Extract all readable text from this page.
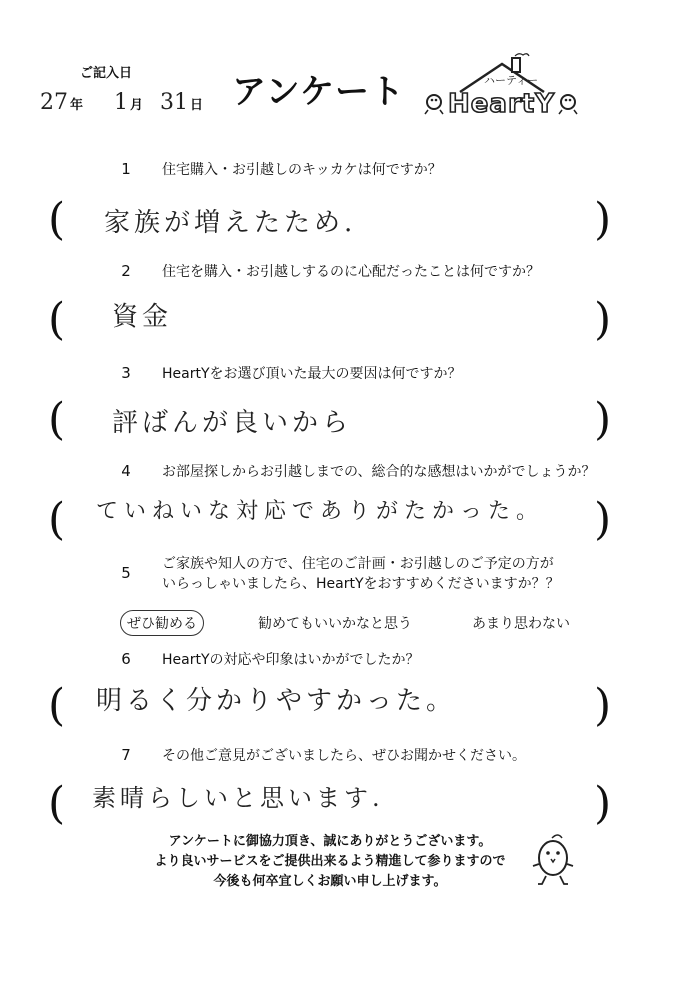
ご記入日
27 年 1 月 31 日 アンケート	ハーティー
HeartY
1	住宅購入・お引越しのキッカケは何ですか？
( 家族が増えたため.	)
2	住宅を購入・お引越しするのに心配だったことは何ですか？
( 資金	)
3	HeartYをお選び頂いた最大の要因は何ですか？
( 評ばんが良いから	)
4	お部屋探しからお引越しまでの、総合的な感想はいかがでしょうか？
( ていねいな対応でありがたかった。 )
5	ご家族や知人の方で、住宅のご計画・お引越しのご予定の方が
いらっしゃいましたら、HeartYをおすすめくださいますか？？
ぜひ勧める	勧めてもいいかなと思う	あまり思わない
6	HeartYの対応や印象はいかがでしたか？
( 明るく分かりやすかった。	)
7	その他ご意見がございましたら、ぜひお聞かせください。
( 素晴らしいと思います.	)
アンケートに御協力頂き、誠にありがとうございます。
より良いサービスをご提供出来るよう精進して参りますので
今後も何卒宜しくお願い申し上げます。
